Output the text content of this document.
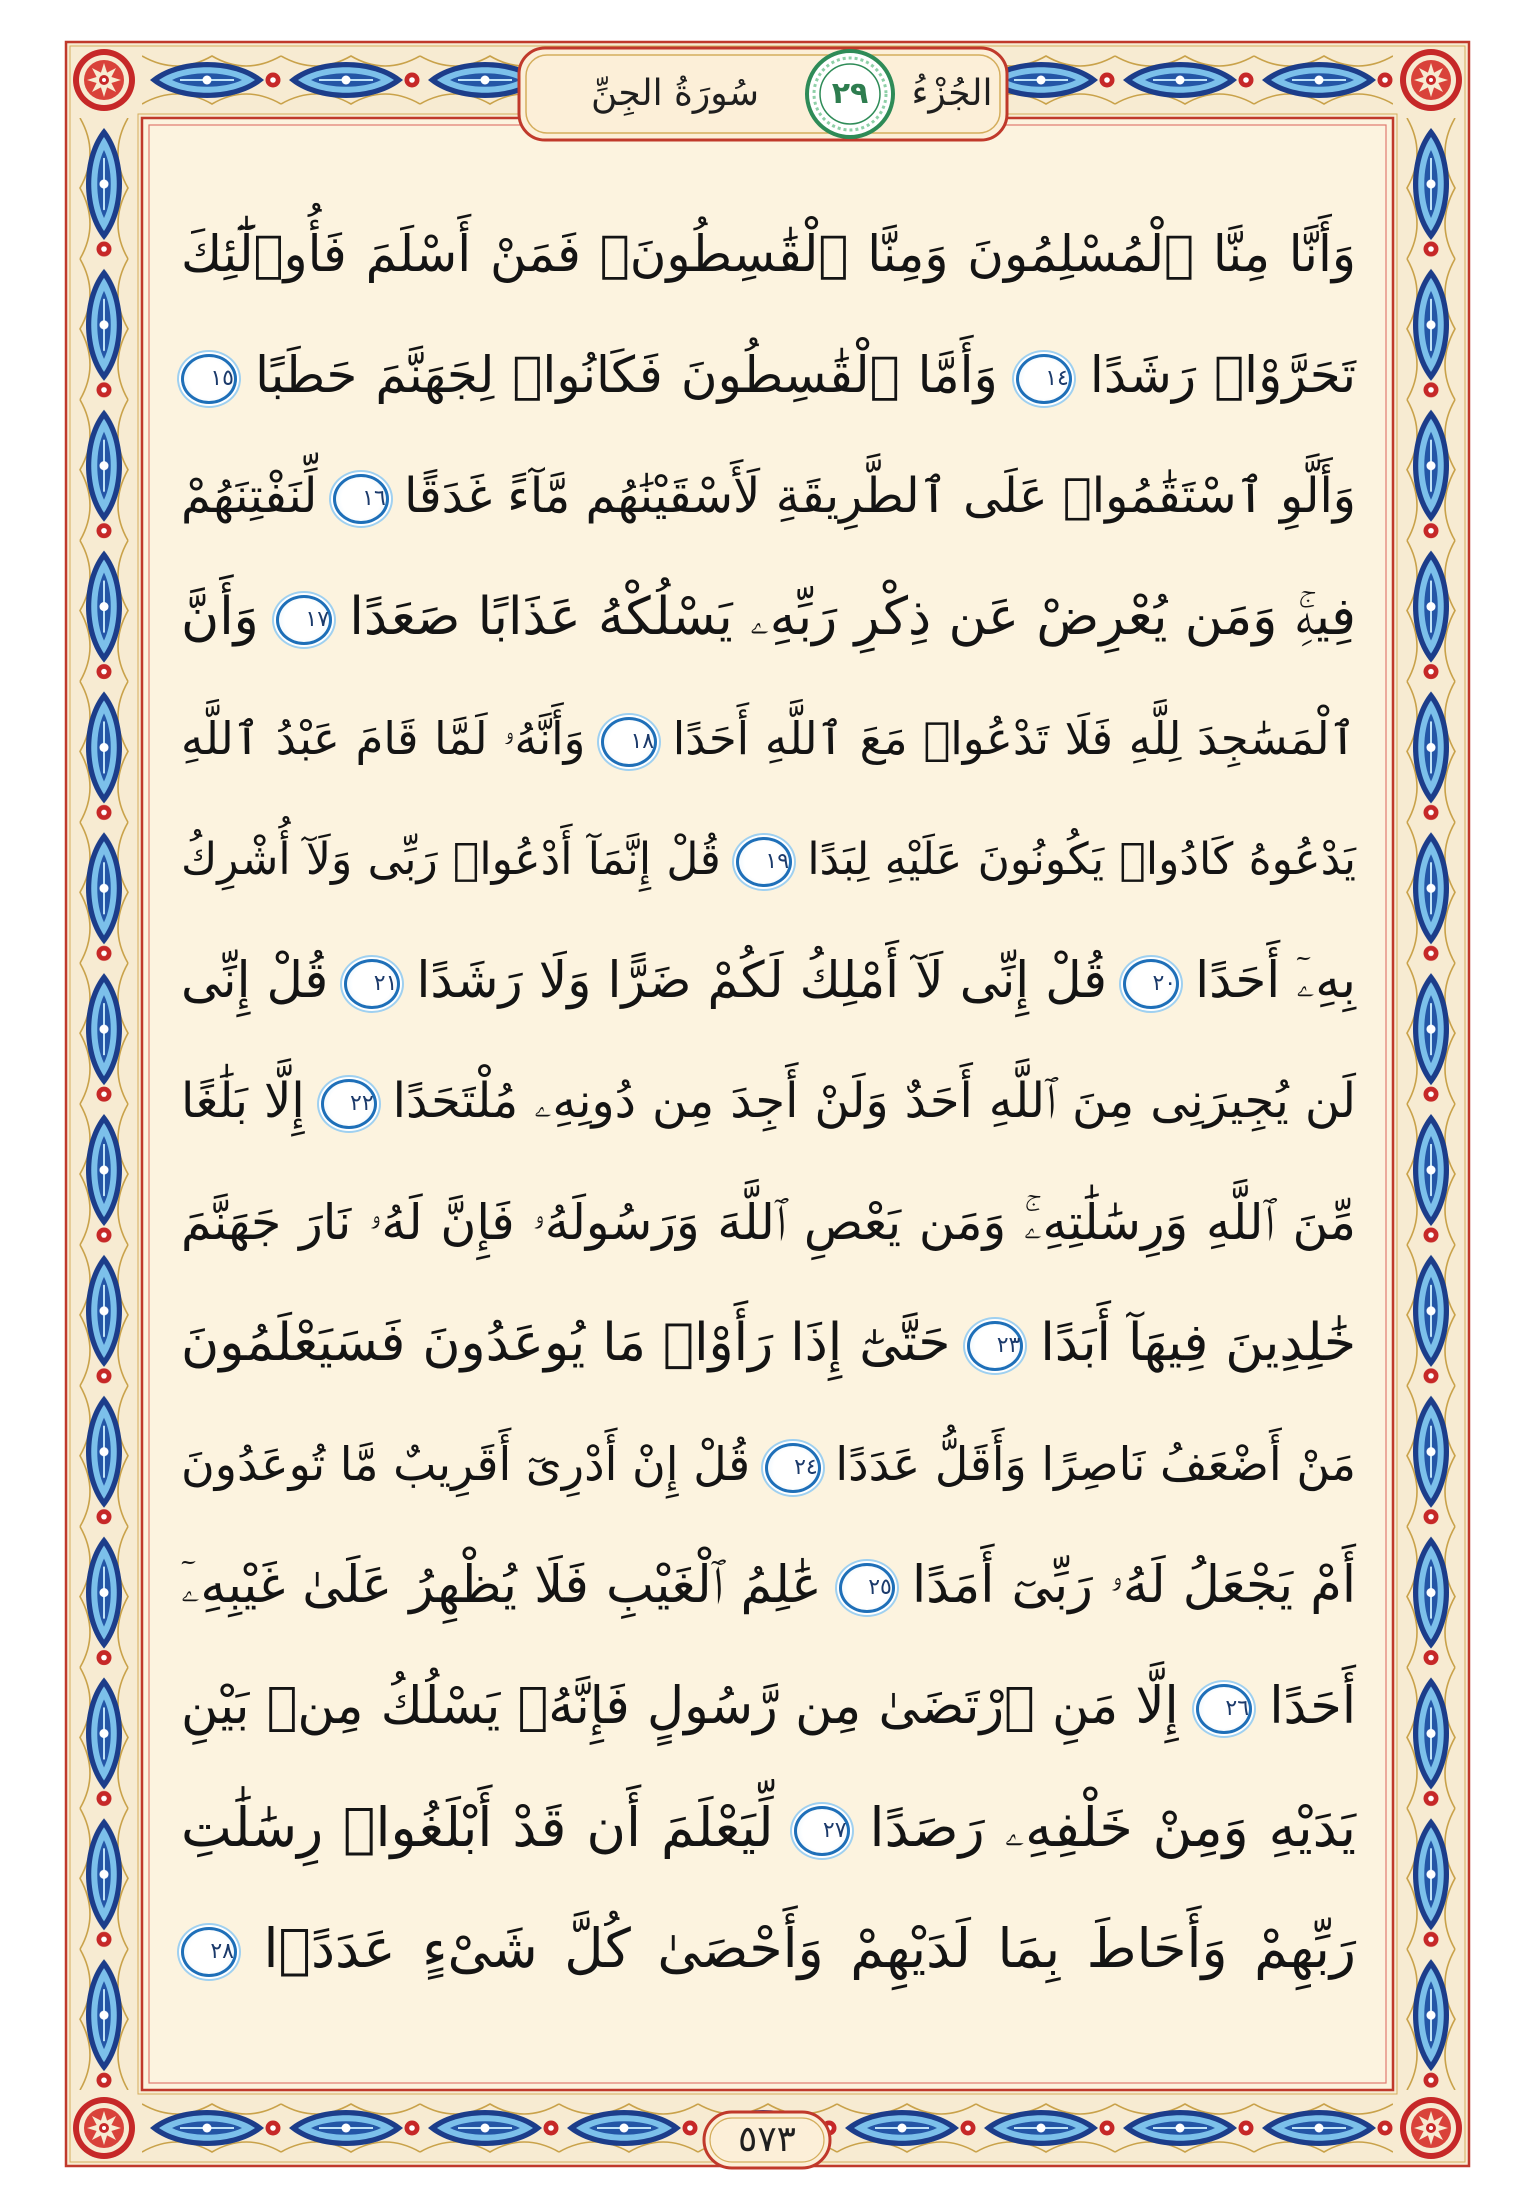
سُورَةُ الجِنِّ	٢٩	الجُزْءُ
وَأَنَّا مِنَّا ٱلْمُسْلِمُونَ وَمِنَّا ٱلْقَٰسِطُونَۖ فَمَنْ أَسْلَمَ فَأُو۟لَٰٓئِكَ
تَحَرَّوْا۟ رَشَدًا ١٤ وَأَمَّا ٱلْقَٰسِطُونَ فَكَانُوا۟ لِجَهَنَّمَ حَطَبًا ١٥
وَأَلَّوِ ٱسْتَقَٰمُوا۟ عَلَى ٱلطَّرِيقَةِ لَأَسْقَيْنَٰهُم مَّآءً غَدَقًا ١٦ لِّنَفْتِنَهُمْ
فِيهِۚ وَمَن يُعْرِضْ عَن ذِكْرِ رَبِّهِۦ يَسْلُكْهُ عَذَابًا صَعَدًا ١٧ وَأَنَّ
ٱلْمَسَٰجِدَ لِلَّهِ فَلَا تَدْعُوا۟ مَعَ ٱللَّهِ أَحَدًا ١٨ وَأَنَّهُۥ لَمَّا قَامَ عَبْدُ ٱللَّهِ
يَدْعُوهُ كَادُوا۟ يَكُونُونَ عَلَيْهِ لِبَدًا ١٩ قُلْ إِنَّمَآ أَدْعُوا۟ رَبِّى وَلَآ أُشْرِكُ
بِهِۦٓ أَحَدًا ٢٠ قُلْ إِنِّى لَآ أَمْلِكُ لَكُمْ ضَرًّا وَلَا رَشَدًا ٢١ قُلْ إِنِّى
لَن يُجِيرَنِى مِنَ ٱللَّهِ أَحَدٌ وَلَنْ أَجِدَ مِن دُونِهِۦ مُلْتَحَدًا ٢٢ إِلَّا بَلَٰغًا
مِّنَ ٱللَّهِ وَرِسَٰلَٰتِهِۦۚ وَمَن يَعْصِ ٱللَّهَ وَرَسُولَهُۥ فَإِنَّ لَهُۥ نَارَ جَهَنَّمَ
خَٰلِدِينَ فِيهَآ أَبَدًا ٢٣ حَتَّىٰٓ إِذَا رَأَوْا۟ مَا يُوعَدُونَ فَسَيَعْلَمُونَ
مَنْ أَضْعَفُ نَاصِرًا وَأَقَلُّ عَدَدًا ٢٤ قُلْ إِنْ أَدْرِىٓ أَقَرِيبٌ مَّا تُوعَدُونَ
أَمْ يَجْعَلُ لَهُۥ رَبِّىٓ أَمَدًا ٢٥ عَٰلِمُ ٱلْغَيْبِ فَلَا يُظْهِرُ عَلَىٰ غَيْبِهِۦٓ
أَحَدًا ٢٦ إِلَّا مَنِ ٱرْتَضَىٰ مِن رَّسُولٍ فَإِنَّهُۥ يَسْلُكُ مِنۢ بَيْنِ
يَدَيْهِ وَمِنْ خَلْفِهِۦ رَصَدًا ٢٧ لِّيَعْلَمَ أَن قَدْ أَبْلَغُوا۟ رِسَٰلَٰتِ
رَبِّهِمْ وَأَحَاطَ بِمَا لَدَيْهِمْ وَأَحْصَىٰ كُلَّ شَىْءٍ عَدَدًۢا ٢٨
٥٧٣
